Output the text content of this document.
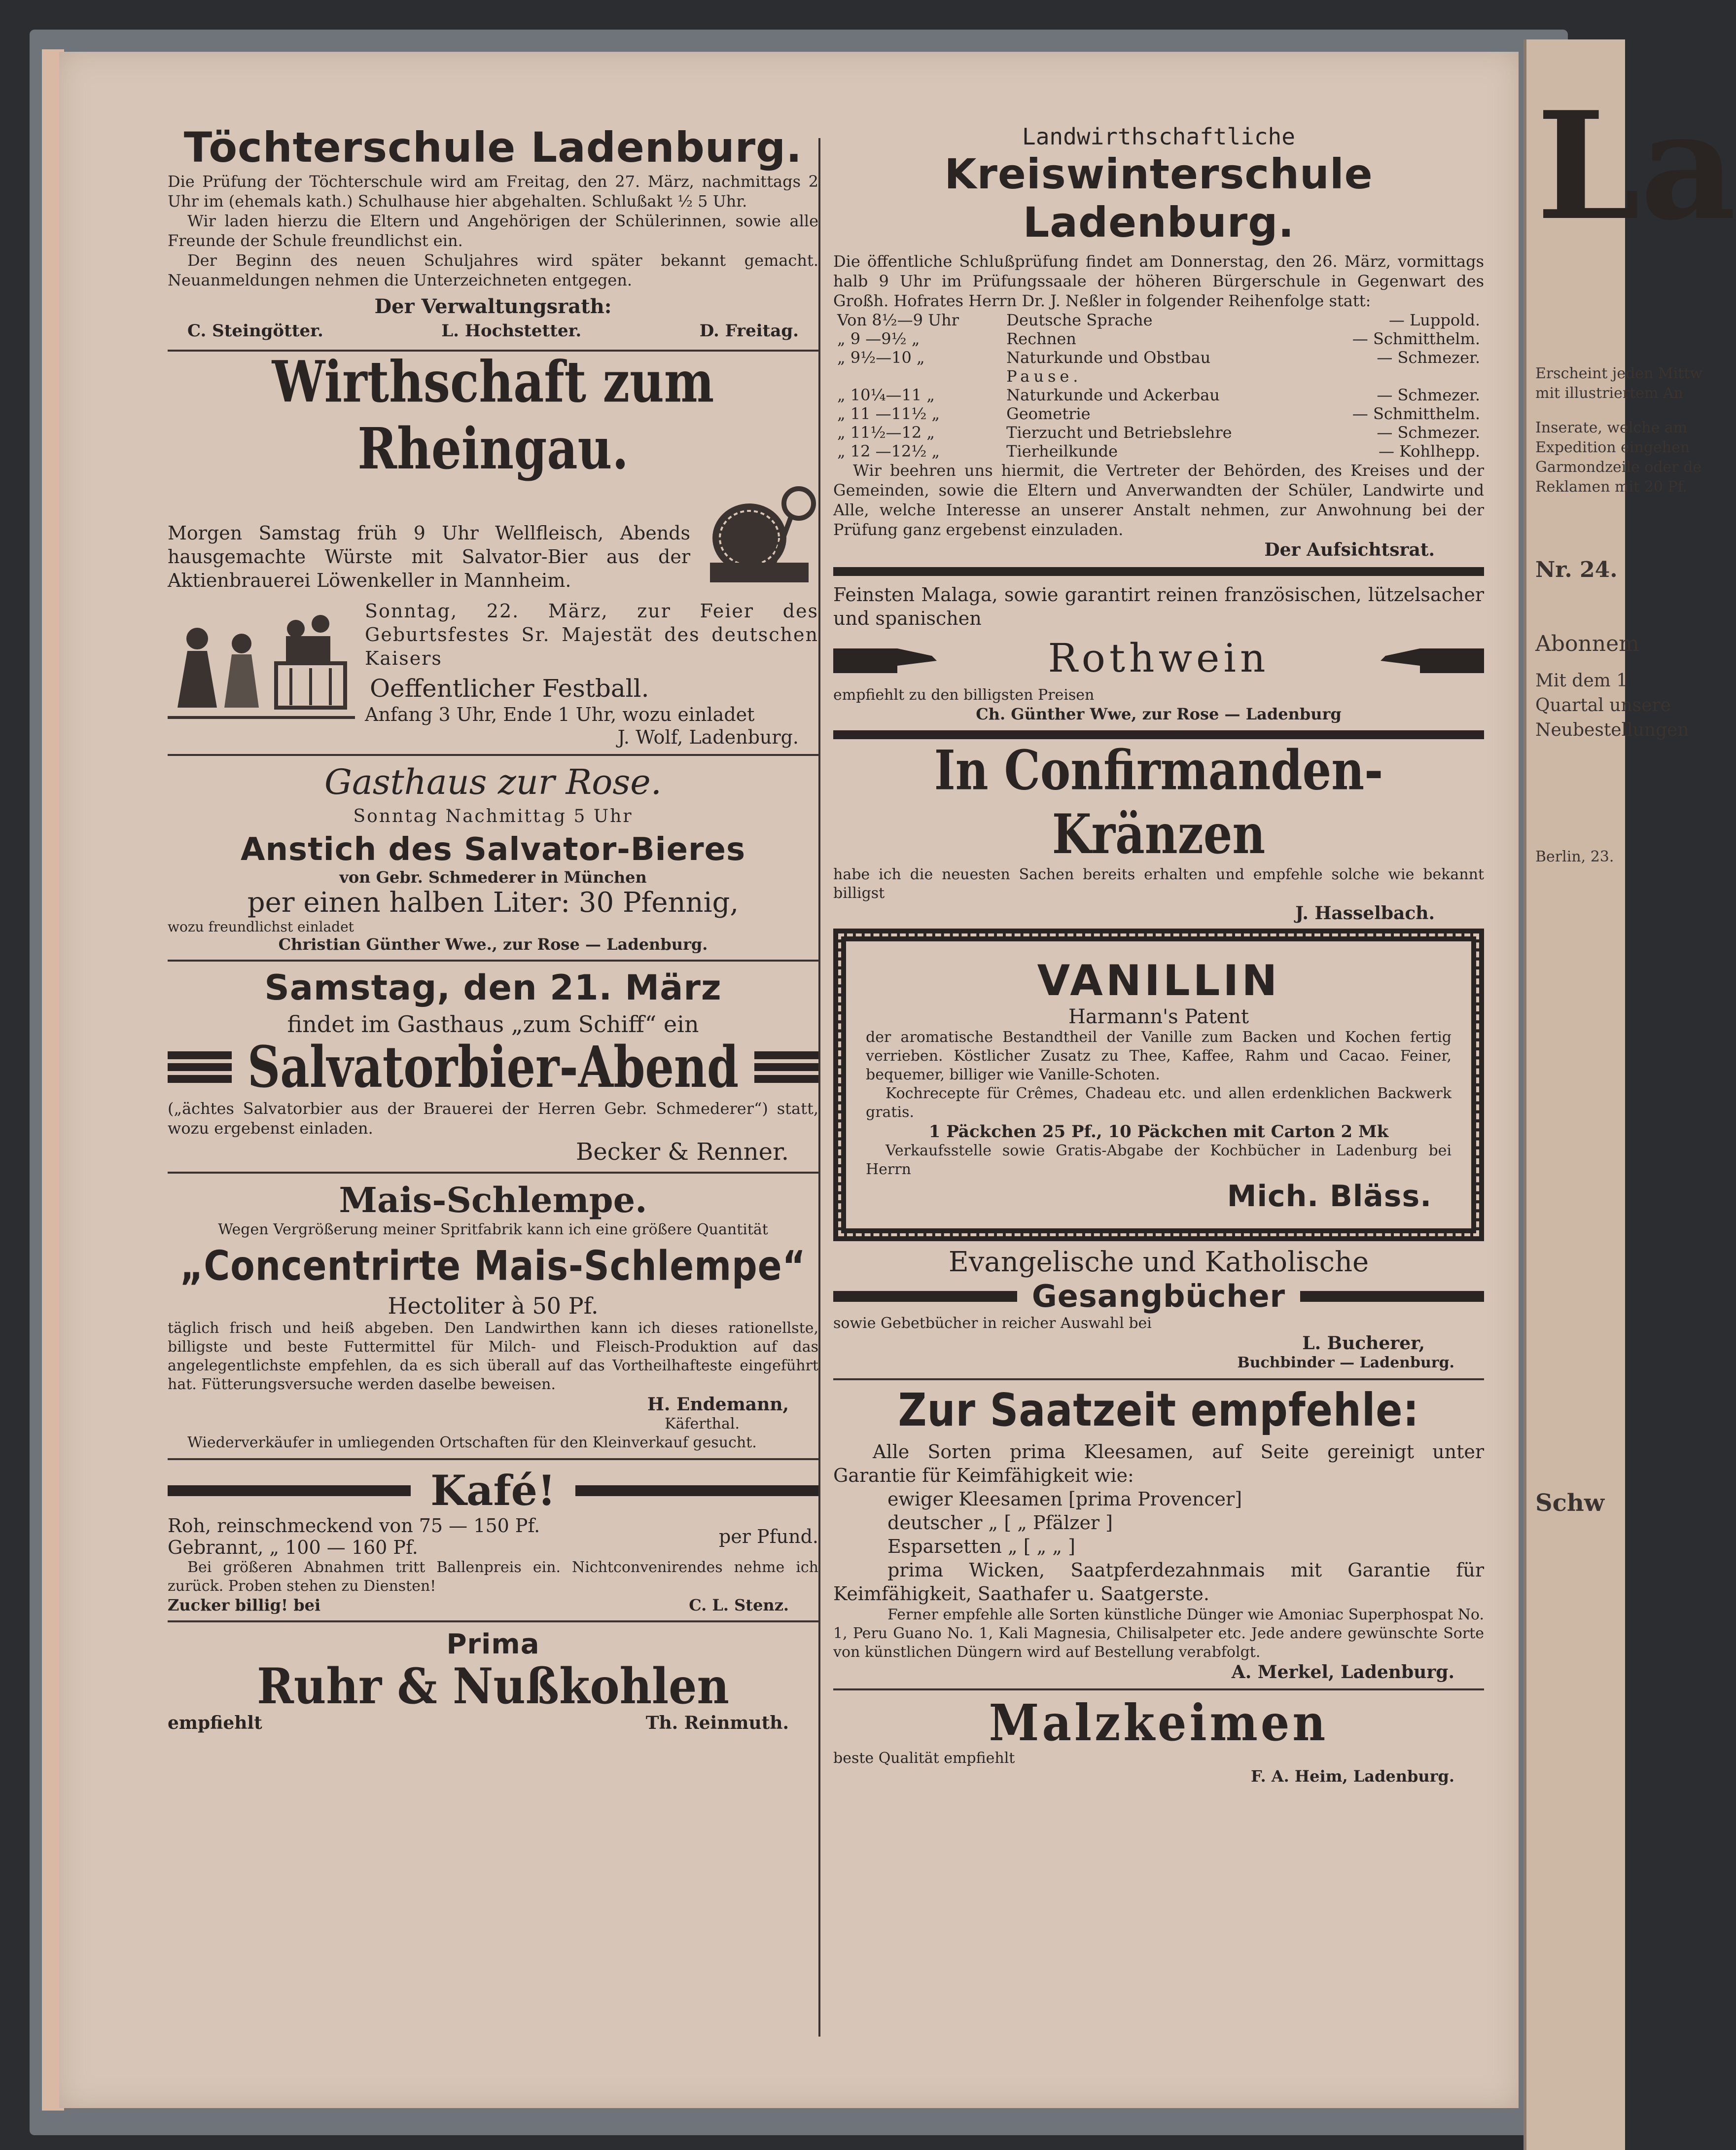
La
Erscheint jeden Mittw
mit illustriertem An
Inserate, welche am
Expedition eingehen
Garmondzeile oder de
Reklamen mit 20 Pf.
Nr. 24.
Abonnem
Mit dem 1
Quartal unsere
Neubestellungen
Berlin, 23.
Schw
Töchterschule Ladenburg.
Die Prüfung der Töchterschule wird am Freitag, den 27. März, nachmittags 2 Uhr im (ehemals kath.) Schulhause hier abgehalten. Schlußakt ½ 5 Uhr.
Wir laden hierzu die Eltern und Angehörigen der Schülerinnen, sowie alle Freunde der Schule freundlichst ein.
Der Beginn des neuen Schuljahres wird später bekannt gemacht. Neuanmeldungen nehmen die Unterzeichneten entgegen.
Der Verwaltungsrath:
C. Steingötter.	L. Hochstetter.	D. Freitag.
Wirthschaft zum Rheingau.
Morgen Samstag früh 9 Uhr Wellfleisch, Abends hausgemachte Würste mit Salvator-Bier aus der Aktienbrauerei Löwenkeller in Mannheim.
Sonntag, 22. März, zur Feier des Geburtsfestes Sr. Majestät des deutschen Kaisers
Oeffentlicher Festball.
Anfang 3 Uhr, Ende 1 Uhr, wozu einladet
J. Wolf, Ladenburg.
Gasthaus zur Rose.
Sonntag Nachmittag 5 Uhr
Anstich des Salvator-Bieres
von Gebr. Schmederer in München
per einen halben Liter: 30 Pfennig,
wozu freundlichst einladet
Christian Günther Wwe., zur Rose — Ladenburg.
Samstag, den 21. März
findet im Gasthaus „zum Schiff“ ein
Salvatorbier-Abend
(„ächtes Salvatorbier aus der Brauerei der Herren Gebr. Schmederer“) statt, wozu ergebenst einladen.
Becker & Renner.
Mais-Schlempe.
Wegen Vergrößerung meiner Spritfabrik kann ich eine größere Quantität
„Concentrirte Mais-Schlempe“
Hectoliter à 50 Pf.
täglich frisch und heiß abgeben. Den Landwirthen kann ich dieses rationellste, billigste und beste Futtermittel für Milch- und Fleisch-Produktion auf das angelegentlichste empfehlen, da es sich überall auf das Vortheilhafteste eingeführt hat. Fütterungsversuche werden daselbe beweisen.
H. Endemann,
Käferthal.
Wiederverkäufer in umliegenden Ortschaften für den Kleinverkauf gesucht.
Kafé!
Roh, reinschmeckend von 75 — 150 Pf.
Gebrannt, „ 100 — 160 Pf.	per Pfund.
Bei größeren Abnahmen tritt Ballenpreis ein. Nichtconvenirendes nehme ich zurück. Proben stehen zu Diensten!
Zucker billig! bei	C. L. Stenz.
Prima
Ruhr & Nußkohlen
empfiehlt	Th. Reinmuth.
Landwirthschaftliche
Kreiswinterschule Ladenburg.
Die öffentliche Schlußprüfung findet am Donnerstag, den 26. März, vormittags halb 9 Uhr im Prüfungssaale der höheren Bürgerschule in Gegenwart des Großh. Hofrates Herrn Dr. J. Neßler in folgender Reihenfolge statt:
Von 8½—9 Uhr	Deutsche Sprache	— Luppold.
„ 9 —9½ „	Rechnen	— Schmitthelm.
„ 9½—10 „	Naturkunde und Obstbau	— Schmezer.
	Pause.	
„ 10¼—11 „	Naturkunde und Ackerbau	— Schmezer.
„ 11 —11½ „	Geometrie	— Schmitthelm.
„ 11½—12 „	Tierzucht und Betriebslehre	— Schmezer.
„ 12 —12½ „	Tierheilkunde	— Kohlhepp.
Wir beehren uns hiermit, die Vertreter der Behörden, des Kreises und der Gemeinden, sowie die Eltern und Anverwandten der Schüler, Landwirte und Alle, welche Interesse an unserer Anstalt nehmen, zur Anwohnung bei der Prüfung ganz ergebenst einzuladen.
Der Aufsichtsrat.
Feinsten Malaga, sowie garantirt reinen französischen, lützelsacher und spanischen
Rothwein
empfiehlt zu den billigsten Preisen
Ch. Günther Wwe, zur Rose — Ladenburg
In Confirmanden-Kränzen
habe ich die neuesten Sachen bereits erhalten und empfehle solche wie bekannt billigst
J. Hasselbach.
VANILLIN
Harmann's Patent
der aromatische Bestandtheil der Vanille zum Backen und Kochen fertig verrieben. Köstlicher Zusatz zu Thee, Kaffee, Rahm und Cacao. Feiner, bequemer, billiger wie Vanille-Schoten.
Kochrecepte für Crêmes, Chadeau etc. und allen erdenklichen Backwerk gratis.
1 Päckchen 25 Pf., 10 Päckchen mit Carton 2 Mk
Verkaufsstelle sowie Gratis-Abgabe der Kochbücher in Ladenburg bei Herrn
Mich. Bläss.
Evangelische und Katholische
Gesangbücher
sowie Gebetbücher in reicher Auswahl bei
L. Bucherer,
Buchbinder — Ladenburg.
Zur Saatzeit empfehle:
Alle Sorten prima Kleesamen, auf Seite gereinigt unter Garantie für Keimfähigkeit wie:
ewiger Kleesamen [prima Provencer]
deutscher „ [ „ Pfälzer ]
Esparsetten „ [ „ „ ]
prima Wicken, Saatpferdezahnmais mit Garantie für Keimfähigkeit, Saathafer u. Saatgerste.
Ferner empfehle alle Sorten künstliche Dünger wie Amoniac Superphospat No. 1, Peru Guano No. 1, Kali Magnesia, Chilisalpeter etc. Jede andere gewünschte Sorte von künstlichen Düngern wird auf Bestellung verabfolgt.
A. Merkel, Ladenburg.
Malzkeimen
beste Qualität empfiehlt
F. A. Heim, Ladenburg.
